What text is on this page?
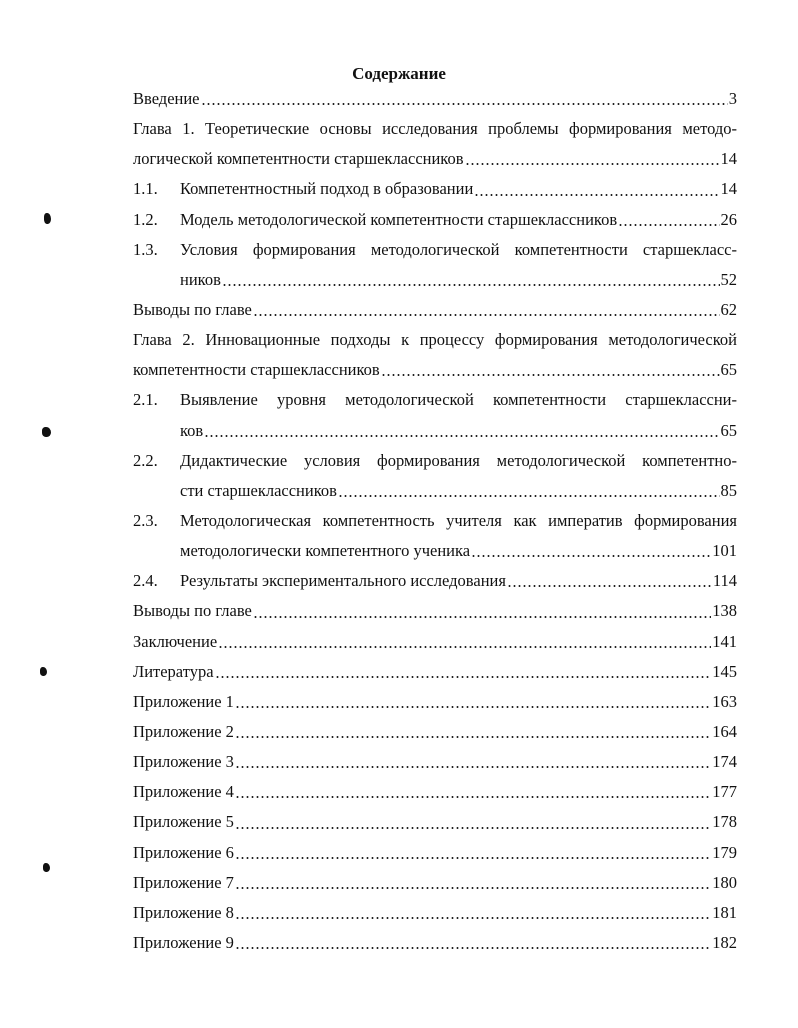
Содержание
Введение	3
Глава 1. Теоретические основы исследования проблемы формирования методо-
логической компетентности старшеклассников	14
1.1.	Компетентностный подход в образовании	14
1.2.	Модель методологической компетентности старшеклассников	26
1.3.	Условия формирования методологической компетентности старшекласс-
ников	52
Выводы по главе	62
Глава 2. Инновационные подходы к процессу формирования методологической
компетентности старшеклассников	65
2.1.	Выявление уровня методологической компетентности старшеклассни-
ков	65
2.2.	Дидактические условия формирования методологической компетентно-
сти старшеклассников	85
2.3.	Методологическая компетентность учителя как императив формирования
методологически компетентного ученика	101
2.4.	Результаты экспериментального исследования	114
Выводы по главе	138
Заключение	141
Литература	145
Приложение 1	163
Приложение 2	164
Приложение 3	174
Приложение 4	177
Приложение 5	178
Приложение 6	179
Приложение 7	180
Приложение 8	181
Приложение 9	182
